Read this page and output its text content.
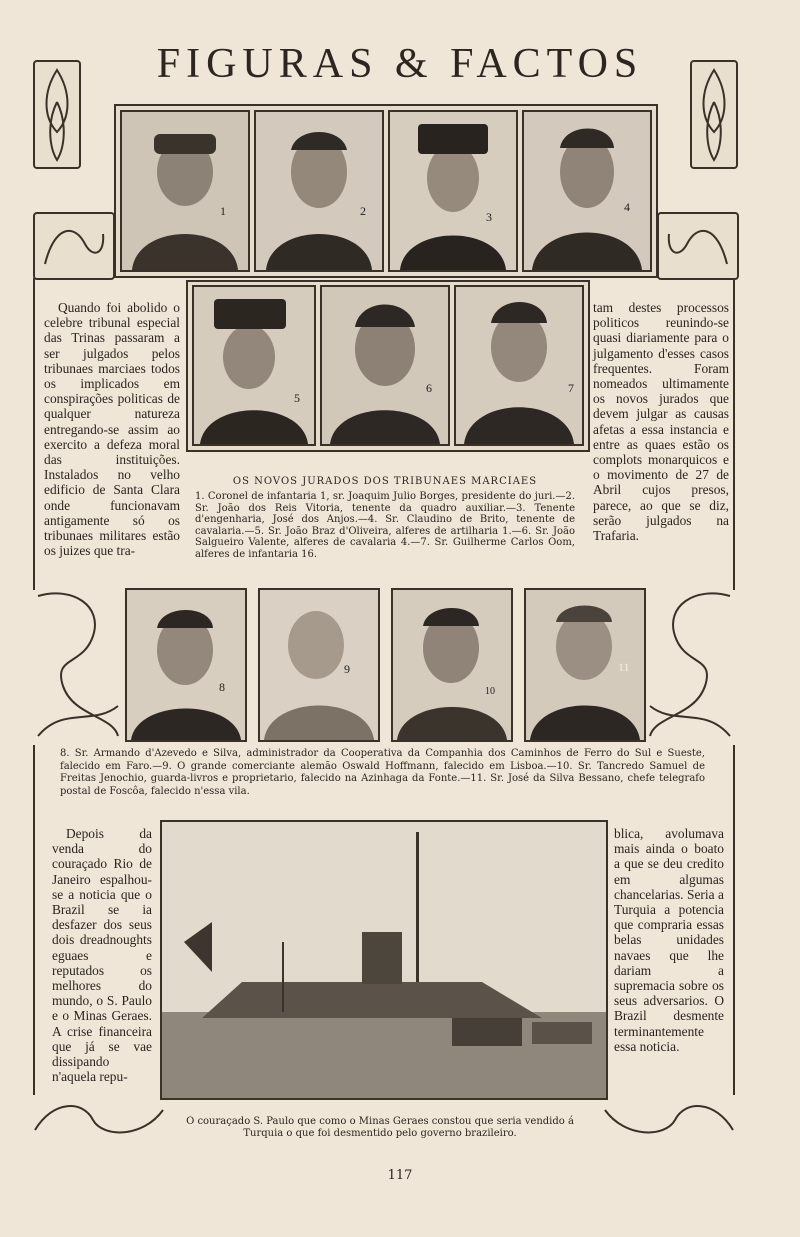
FIGURAS & FACTOS
1	2	3
4
5
6	7

Quando foi abolido o celebre tribunal especial das Trinas passaram a ser julgados pelos tribunaes marciaes todos os implicados em conspirações politicas de qualquer natureza entregando-se assim ao exercito a defeza moral das instituições. Instalados no velho edificio de Santa Clara onde funcionavam antigamente só os tribunaes militares estão os juizes que tra-

tam destes processos politicos reunindo-se quasi diariamente para o julgamento d'esses casos frequentes. Foram nomeados ultimamente os novos jurados que devem julgar as causas afetas a essa instancia e entre as quaes estão os complots monarquicos e o movimento de 27 de Abril cujos presos, parece, ao que se diz, serão julgados na Trafaria.

OS NOVOS JURADOS DOS TRIBUNAES MARCIAES
1. Coronel de infantaria 1, sr. Joaquim Julio Borges, presidente do juri.—2. Sr. João dos Reis Vitoria, tenente da quadro auxiliar.—3. Tenente d'engenharia, José dos Anjos.—4. Sr. Claudino de Brito, tenente de cavalaria.—5. Sr. João Braz d'Oliveira, alferes de artilharia 1.—6. Sr. João Salgueiro Valente, alferes de cavalaria 4.—7. Sr. Guilherme Carlos Oom, alferes de infantaria 16.
8
9
10
11
8. Sr. Armando d'Azevedo e Silva, administrador da Cooperativa da Companhia dos Caminhos de Ferro do Sul e Sueste, falecido em Faro.—9. O grande comerciante alemão Oswald Hoffmann, falecido em Lisboa.—10. Sr. Tancredo Samuel de Freitas Jenochio, guarda-livros e proprietario, falecido na Azinhaga da Fonte.—11. Sr. José da Silva Bessano, chefe telegrafo postal de Foscôa, falecido n'essa vila.

Depois da venda do couraçado Rio de Janeiro espalhou-se a noticia que o Brazil se ia desfazer dos seus dois dreadnoughts eguaes e reputados os melhores do mundo, o S. Paulo e o Minas Geraes. A crise financeira que já se vae dissipando n'aquela repu-

blica, avolumava mais ainda o boato a que se deu credito em algumas chancelarias. Seria a Turquia a potencia que compraria essas belas unidades navaes que lhe dariam a supremacia sobre os seus adversarios. O Brazil desmente terminantemente essa noticia.

O couraçado S. Paulo que como o Minas Geraes constou que seria vendido á Turquia o que foi desmentido pelo governo brazileiro.
117
